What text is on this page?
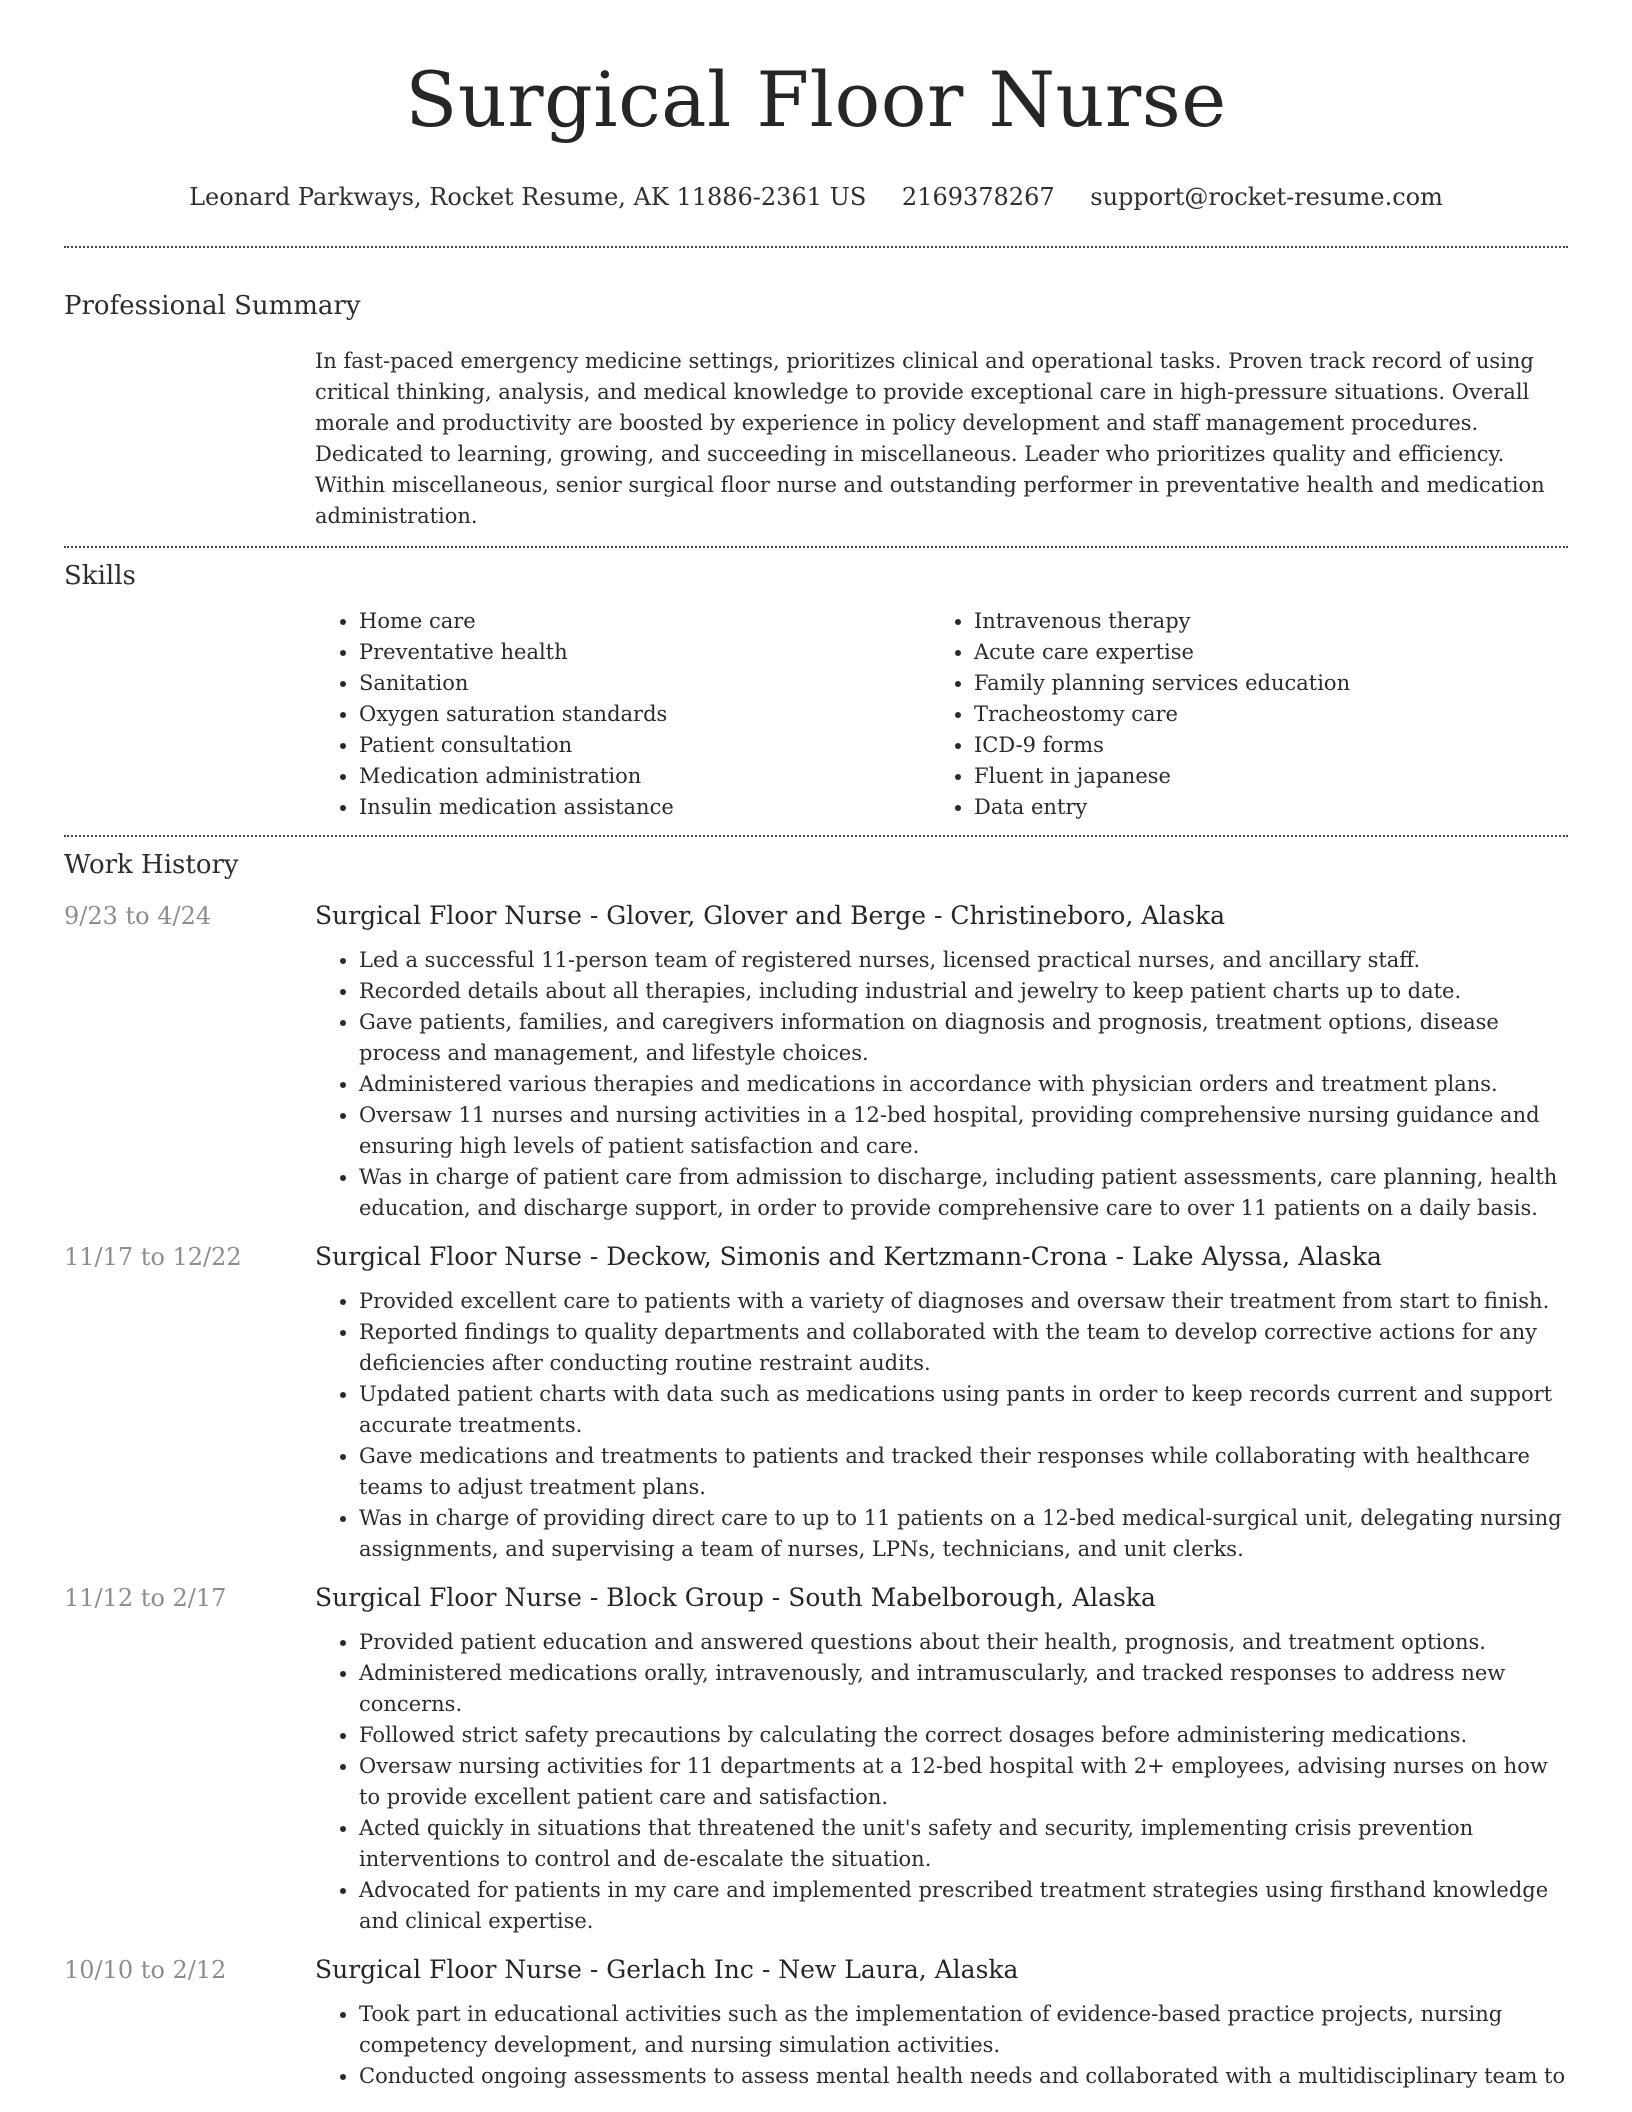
Surgical Floor Nurse
Leonard Parkways, Rocket Resume, AK 11886-2361 US 2169378267 support@rocket-resume.com
Professional Summary
In fast-paced emergency medicine settings, prioritizes clinical and operational tasks. Proven track record of using critical thinking, analysis, and medical knowledge to provide exceptional care in high-pressure situations. Overall morale and productivity are boosted by experience in policy development and staff management procedures. Dedicated to learning, growing, and succeeding in miscellaneous. Leader who prioritizes quality and efficiency. Within miscellaneous, senior surgical floor nurse and outstanding performer in preventative health and medication administration.
Skills
• Home care
• Preventative health
• Sanitation
• Oxygen saturation standards
• Patient consultation
• Medication administration
• Insulin medication assistance
• Intravenous therapy
• Acute care expertise
• Family planning services education
• Tracheostomy care
• ICD-9 forms
• Fluent in japanese
• Data entry
Work History
9/23 to 4/24	Surgical Floor Nurse - Glover, Glover and Berge - Christineboro, Alaska
• Led a successful 11-person team of registered nurses, licensed practical nurses, and ancillary staff.
• Recorded details about all therapies, including industrial and jewelry to keep patient charts up to date.
• Gave patients, families, and caregivers information on diagnosis and prognosis, treatment options, disease process and management, and lifestyle choices.
• Administered various therapies and medications in accordance with physician orders and treatment plans.
• Oversaw 11 nurses and nursing activities in a 12-bed hospital, providing comprehensive nursing guidance and ensuring high levels of patient satisfaction and care.
• Was in charge of patient care from admission to discharge, including patient assessments, care planning, health education, and discharge support, in order to provide comprehensive care to over 11 patients on a daily basis.
11/17 to 12/22	Surgical Floor Nurse - Deckow, Simonis and Kertzmann-Crona - Lake Alyssa, Alaska
• Provided excellent care to patients with a variety of diagnoses and oversaw their treatment from start to finish.
• Reported findings to quality departments and collaborated with the team to develop corrective actions for any deficiencies after conducting routine restraint audits.
• Updated patient charts with data such as medications using pants in order to keep records current and support accurate treatments.
• Gave medications and treatments to patients and tracked their responses while collaborating with healthcare teams to adjust treatment plans.
• Was in charge of providing direct care to up to 11 patients on a 12-bed medical-surgical unit, delegating nursing assignments, and supervising a team of nurses, LPNs, technicians, and unit clerks.
11/12 to 2/17	Surgical Floor Nurse - Block Group - South Mabelborough, Alaska
• Provided patient education and answered questions about their health, prognosis, and treatment options.
• Administered medications orally, intravenously, and intramuscularly, and tracked responses to address new concerns.
• Followed strict safety precautions by calculating the correct dosages before administering medications.
• Oversaw nursing activities for 11 departments at a 12-bed hospital with 2+ employees, advising nurses on how to provide excellent patient care and satisfaction.
• Acted quickly in situations that threatened the unit's safety and security, implementing crisis prevention interventions to control and de-escalate the situation.
• Advocated for patients in my care and implemented prescribed treatment strategies using firsthand knowledge and clinical expertise.
10/10 to 2/12	Surgical Floor Nurse - Gerlach Inc - New Laura, Alaska
• Took part in educational activities such as the implementation of evidence-based practice projects, nursing competency development, and nursing simulation activities.
• Conducted ongoing assessments to assess mental health needs and collaborated with a multidisciplinary team to
